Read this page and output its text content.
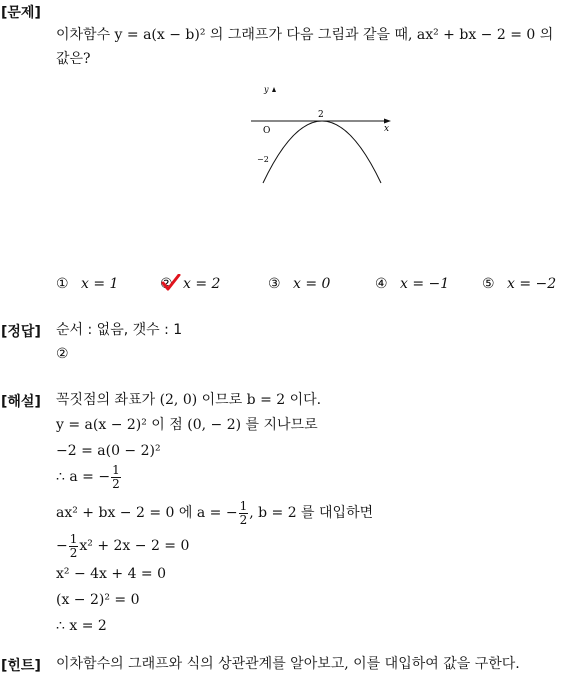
[문제]
이차함수 y = a(x − b)² 의 그래프가 다음 그림과 같을 때, ax² + bx − 2 = 0 의
값은?
x
y
O
2
−2
① x = 1	② x = 2	③ x = 0	④ x = −1 ⑤ x = −2
[정답] 순서 : 없음, 갯수 : 1
②
[해설] 꼭짓점의 좌표가 (2, 0) 이므로 b = 2 이다.
y = a(x − 2)² 이 점 (0, − 2) 를 지나므로
−2 = a(0 − 2)²
∴ a = − $\frac{1}{2}$
ax² + bx − 2 = 0 에 a = − $\frac{1}{2}$ , b = 2 를 대입하면
− $\frac{1}{2} x^2 + 2x - 2 = 0$
x² − 4x + 4 = 0
(x − 2)² = 0
∴ x = 2
[힌트] 이차함수의 그래프와 식의 상관관계를 알아보고, 이를 대입하여 값을 구한다.
